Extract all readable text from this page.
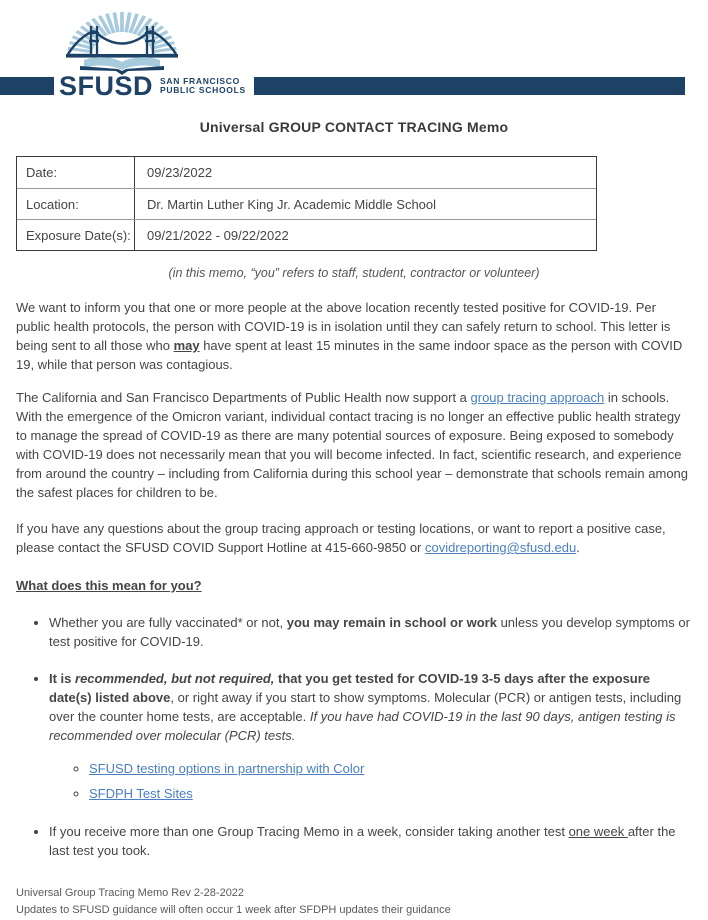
SFUSD SAN FRANCISCO
PUBLIC SCHOOLS
Universal GROUP CONTACT TRACING Memo
Date:	09/23/2022
Location:	Dr. Martin Luther King Jr. Academic Middle School
Exposure Date(s):	09/21/2022 - 09/22/2022
(in this memo, “you” refers to staff, student, contractor or volunteer)

We want to inform you that one or more people at the above location recently tested positive for COVID-19. Per public health protocols, the person with COVID-19 is in isolation until they can safely return to school. This letter is being sent to all those who may have spent at least 15 minutes in the same indoor space as the person with COVID 19, while that person was contagious.

The California and San Francisco Departments of Public Health now support a group tracing approach in schools. With the emergence of the Omicron variant, individual contact tracing is no longer an effective public health strategy to manage the spread of COVID-19 as there are many potential sources of exposure. Being exposed to somebody with COVID-19 does not necessarily mean that you will become infected. In fact, scientific research, and experience from around the country – including from California during this school year – demonstrate that schools remain among the safest places for children to be.

If you have any questions about the group tracing approach or testing locations, or want to report a positive case, please contact the SFUSD COVID Support Hotline at 415-660-9850 or covidreporting@sfusd.edu.

What does this mean for you?
• Whether you are fully vaccinated* or not, you may remain in school or work unless you develop symptoms or test positive for COVID-19.
• It is recommended, but not required, that you get tested for COVID-19 3-5 days after the exposure date(s) listed above, or right away if you start to show symptoms. Molecular (PCR) or antigen tests, including over the counter home tests, are acceptable. If you have had COVID-19 in the last 90 days, antigen testing is recommended over molecular (PCR) tests.
◦ SFUSD testing options in partnership with Color
◦ SFDPH Test Sites
• If you receive more than one Group Tracing Memo in a week, consider taking another test one week after the last test you took.
Universal Group Tracing Memo Rev 2-28-2022
Updates to SFUSD guidance will often occur 1 week after SFDPH updates their guidance
